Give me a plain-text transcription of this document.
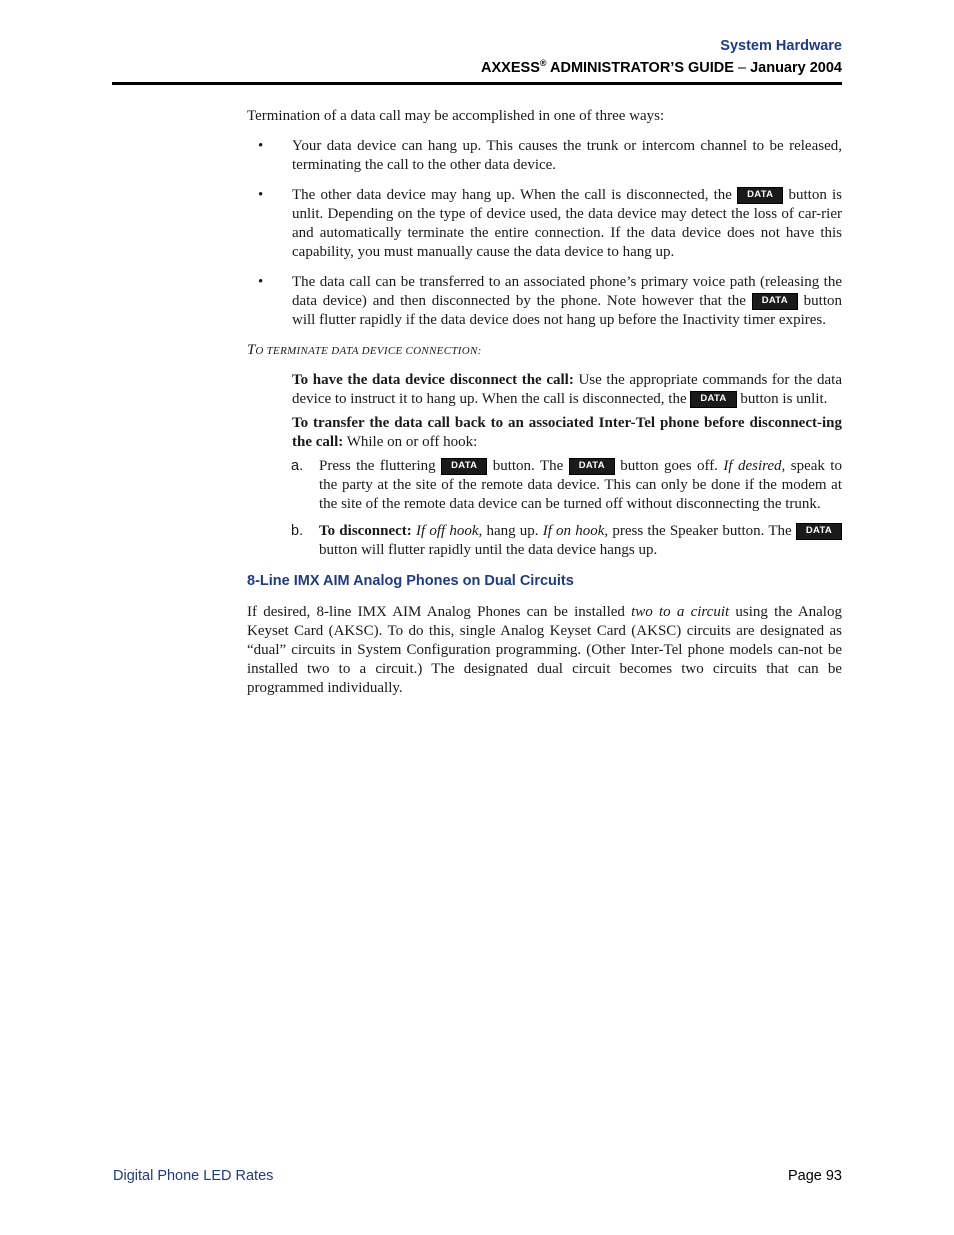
System Hardware
AXXESS® ADMINISTRATOR’S GUIDE – January 2004

Termination of a data call may be accomplished in one of three ways:

• Your data device can hang up. This causes the trunk or intercom channel to be released, terminating the call to the other data device.
• The other data device may hang up. When the call is disconnected, the DATA button is unlit. Depending on the type of device used, the data device may detect the loss of car-rier and automatically terminate the entire connection. If the data device does not have this capability, you must manually cause the data device to hang up.
• The data call can be transferred to an associated phone’s primary voice path (releasing the data device) and then disconnected by the phone. Note however that the DATA button will flutter rapidly if the data device does not hang up before the Inactivity timer expires.

TO TERMINATE DATA DEVICE CONNECTION:

To have the data device disconnect the call: Use the appropriate commands for the data device to instruct it to hang up. When the call is disconnected, the DATA button is unlit.

To transfer the data call back to an associated Inter-Tel phone before disconnect-ing the call: While on or off hook:

a. Press the fluttering DATA button. The DATA button goes off. If desired, speak to the party at the site of the remote data device. This can only be done if the modem at the site of the remote data device can be turned off without disconnecting the trunk.

b. To disconnect: If off hook, hang up. If on hook, press the Speaker button. The DATA button will flutter rapidly until the data device hangs up.

8-Line IMX AIM Analog Phones on Dual Circuits

If desired, 8-line IMX AIM Analog Phones can be installed two to a circuit using the Analog Keyset Card (AKSC). To do this, single Analog Keyset Card (AKSC) circuits are designated as “dual” circuits in System Configuration programming. (Other Inter-Tel phone models can-not be installed two to a circuit.) The designated dual circuit becomes two circuits that can be programmed individually.

Digital Phone LED Rates	Page 93
